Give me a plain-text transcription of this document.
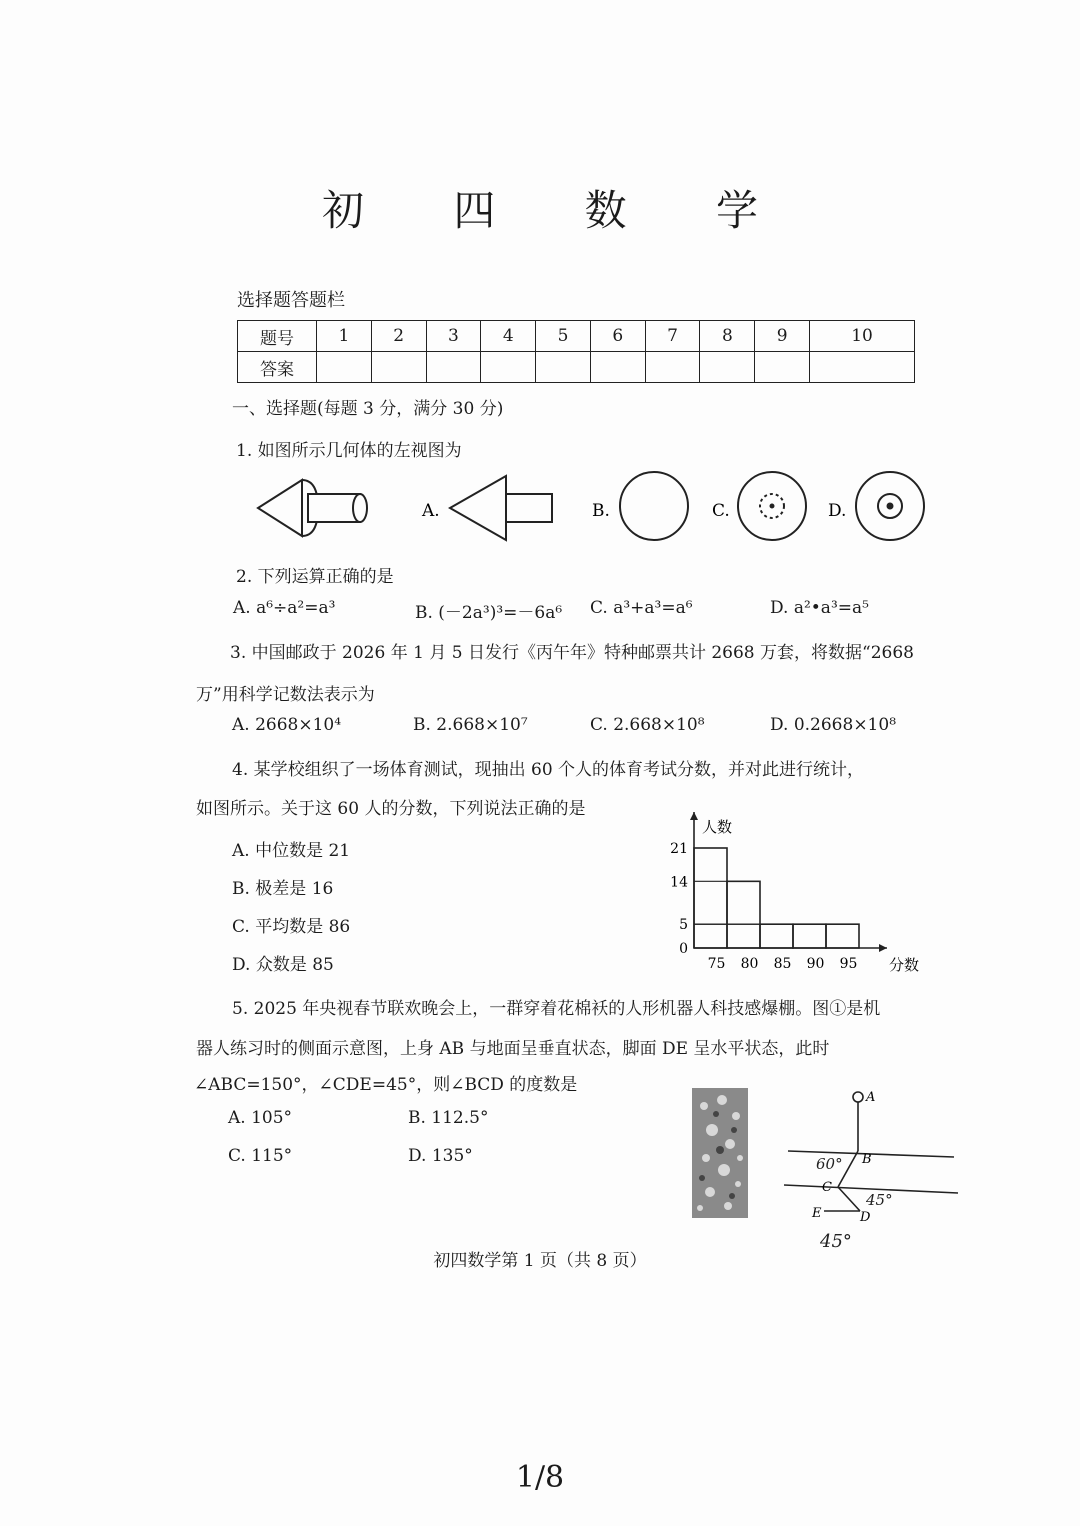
初 四 数 学
选择题答题栏
题号	1	2	3	4	5	6	7	8	9	10
答案										
一、选择题(每题 3 分，满分 30 分)
1. 如图所示几何体的左视图为
A.	B.	C.	D.
2. 下列运算正确的是
A. a⁶÷a²=a³	B. (－2a³)³=－6a⁶ C. a³+a³=a⁶	D. a²•a³=a⁵
3. 中国邮政于 2026 年 1 月 5 日发行《丙午年》特种邮票共计 2668 万套，将数据“2668
万”用科学记数法表示为
A. 2668×10⁴	B. 2.668×10⁷	C. 2.668×10⁸	D. 0.2668×10⁸
4. 某学校组织了一场体育测试，现抽出 60 个人的体育考试分数，并对此进行统计，
如图所示。关于这 60 人的分数，下列说法正确的是
A. 中位数是 21
B. 极差是 16
C. 平均数是 86
D. 众数是 85
人数
分数
0
5
14
21
75 80 85 90 95
5. 2025 年央视春节联欢晚会上，一群穿着花棉袄的人形机器人科技感爆棚。图①是机
器人练习时的侧面示意图，上身 AB 与地面呈垂直状态，脚面 DE 呈水平状态，此时
∠ABC=150°，∠CDE=45°，则∠BCD 的度数是
A. 105°	B. 112.5°
C. 115°	D. 135°
A
B
C
D
E
60°
45°
45°
初四数学第 1 页（共 8 页）
1/8
